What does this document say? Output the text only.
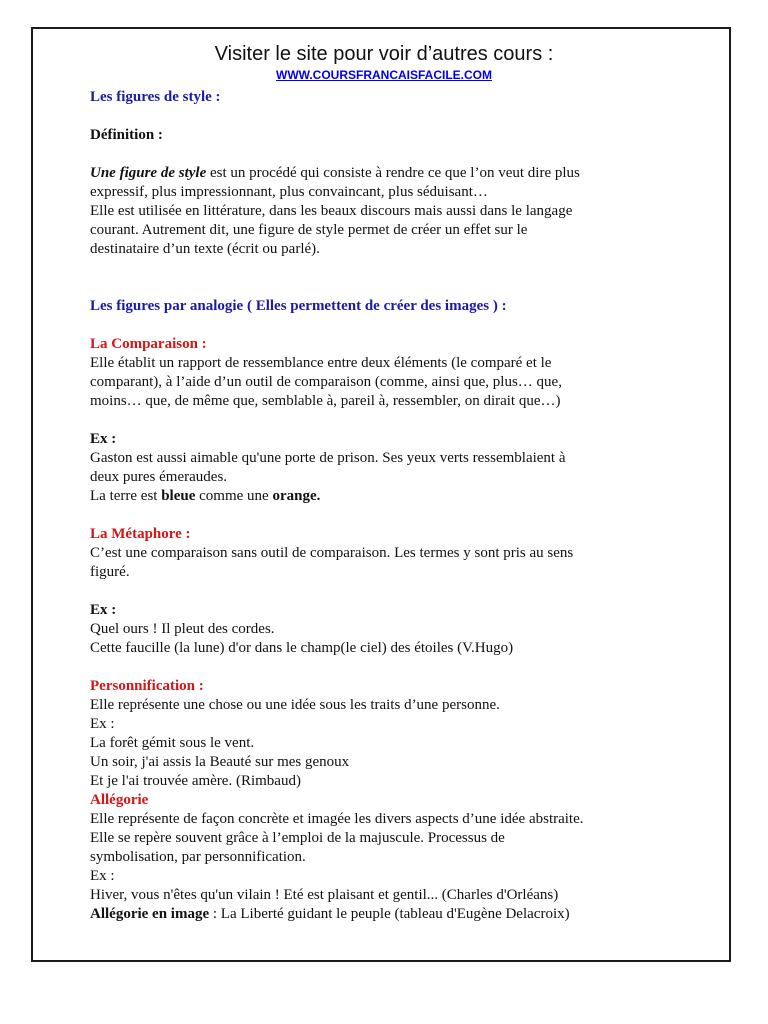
Visiter le site pour voir d’autres cours :
WWW.COURSFRANCAISFACILE.COM

Les figures de style :

Définition :

Une figure de style est un procédé qui consiste à rendre ce que l’on veut dire plus

expressif, plus impressionnant, plus convaincant, plus séduisant…

Elle est utilisée en littérature, dans les beaux discours mais aussi dans le langage

courant. Autrement dit, une figure de style permet de créer un effet sur le

destinataire d’un texte (écrit ou parlé).

Les figures par analogie ( Elles permettent de créer des images ) :

La Comparaison :

Elle établit un rapport de ressemblance entre deux éléments (le comparé et le

comparant), à l’aide d’un outil de comparaison (comme, ainsi que, plus… que,

moins… que, de même que, semblable à, pareil à, ressembler, on dirait que…)

Ex :

Gaston est aussi aimable qu'une porte de prison. Ses yeux verts ressemblaient à

deux pures émeraudes.

La terre est bleue comme une orange.

La Métaphore :

C’est une comparaison sans outil de comparaison. Les termes y sont pris au sens

figuré.

Ex :

Quel ours ! Il pleut des cordes.

Cette faucille (la lune) d'or dans le champ(le ciel) des étoiles (V.Hugo)

Personnification :

Elle représente une chose ou une idée sous les traits d’une personne.

Ex :

La forêt gémit sous le vent.

Un soir, j'ai assis la Beauté sur mes genoux

Et je l'ai trouvée amère. (Rimbaud)

Allégorie

Elle représente de façon concrète et imagée les divers aspects d’une idée abstraite.

Elle se repère souvent grâce à l’emploi de la majuscule. Processus de

symbolisation, par personnification.

Ex :

Hiver, vous n'êtes qu'un vilain ! Eté est plaisant et gentil... (Charles d'Orléans)

Allégorie en image : La Liberté guidant le peuple (tableau d'Eugène Delacroix)
